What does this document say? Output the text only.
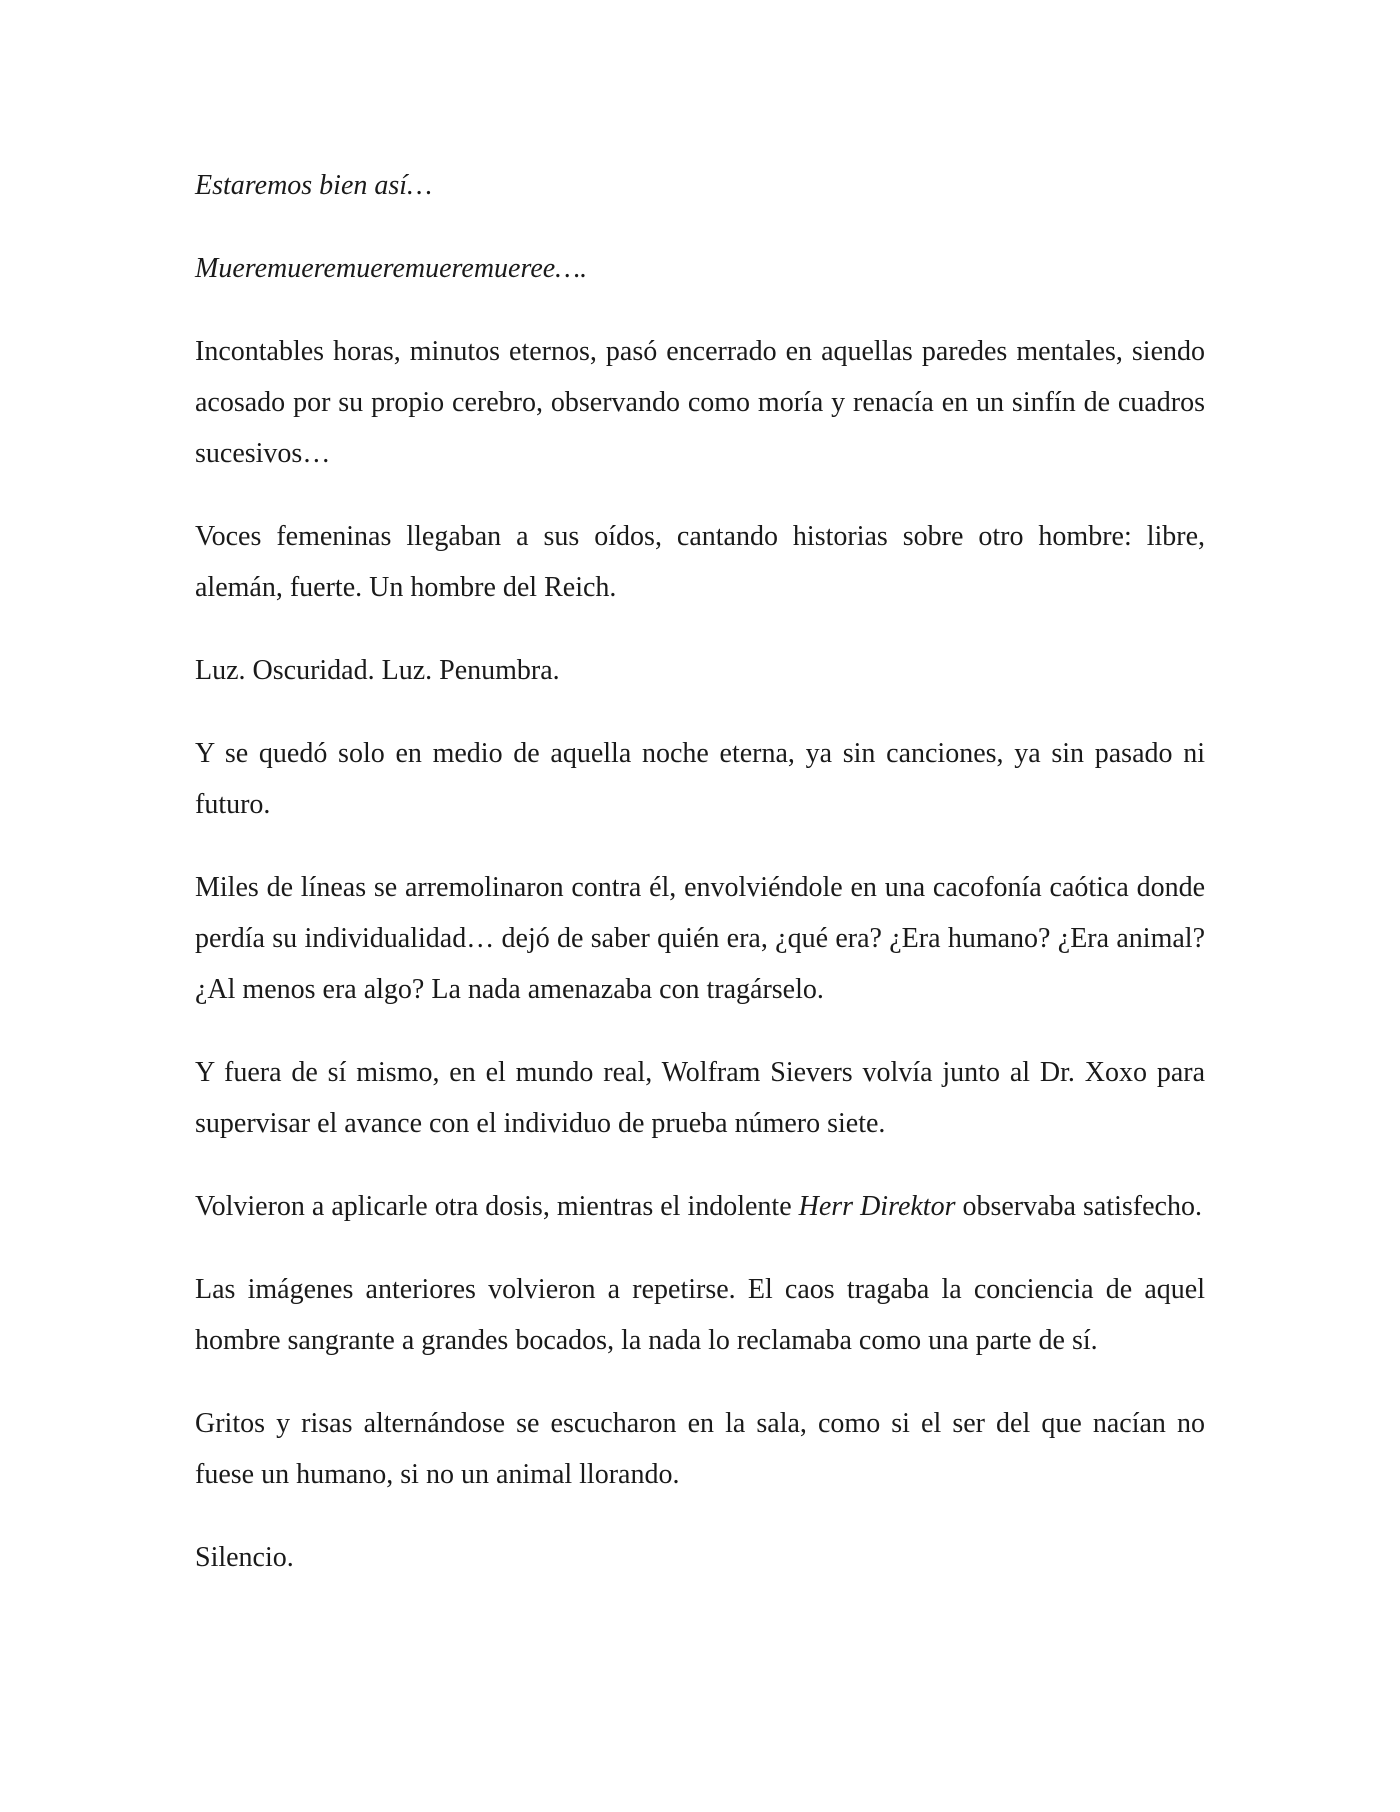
Estaremos bien así…

Mueremueremueremueremueree….

Incontables horas, minutos eternos, pasó encerrado en aquellas paredes mentales, siendo acosado por su propio cerebro, observando como moría y renacía en un sinfín de cuadros sucesivos…

Voces femeninas llegaban a sus oídos, cantando historias sobre otro hombre: libre, alemán, fuerte. Un hombre del Reich.

Luz. Oscuridad. Luz. Penumbra.

Y se quedó solo en medio de aquella noche eterna, ya sin canciones, ya sin pasado ni futuro.

Miles de líneas se arremolinaron contra él, envolviéndole en una cacofonía caótica donde perdía su individualidad… dejó de saber quién era, ¿qué era? ¿Era humano? ¿Era animal? ¿Al menos era algo? La nada amenazaba con tragárselo.

Y fuera de sí mismo, en el mundo real, Wolfram Sievers volvía junto al Dr. Xoxo para supervisar el avance con el individuo de prueba número siete.

Volvieron a aplicarle otra dosis, mientras el indolente Herr Direktor observaba satisfecho.

Las imágenes anteriores volvieron a repetirse. El caos tragaba la conciencia de aquel hombre sangrante a grandes bocados, la nada lo reclamaba como una parte de sí.

Gritos y risas alternándose se escucharon en la sala, como si el ser del que nacían no fuese un humano, si no un animal llorando.

Silencio.
